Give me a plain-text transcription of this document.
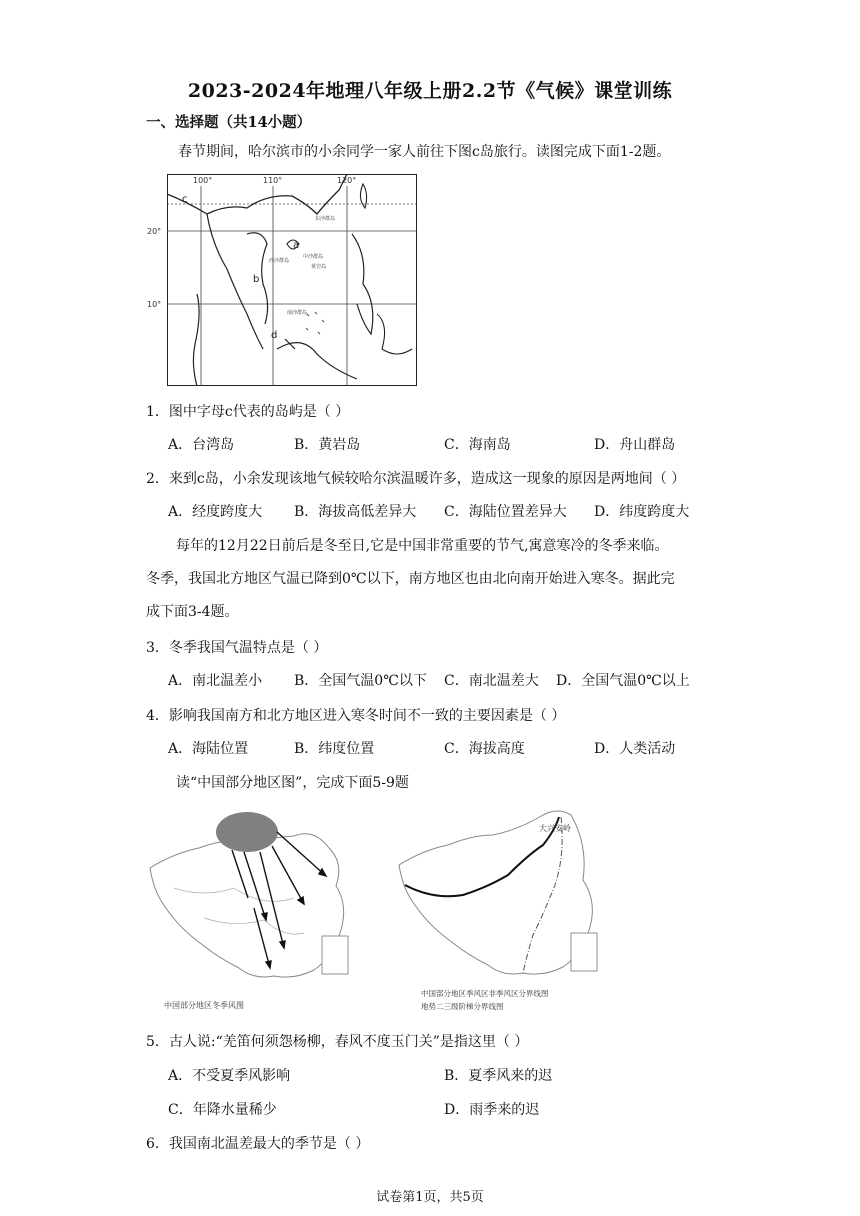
2023-2024年地理八年级上册2.2节《气候》课堂训练
一、选择题（共14小题）
春节期间，哈尔滨市的小余同学一家人前往下图c岛旅行。读图完成下面1-2题。
100°	110°	120°
20°
10°
a
b
c
d
东沙群岛
西沙群岛
中沙群岛
黄岩岛
南沙群岛
1．图中字母c代表的岛屿是（ ）
A．台湾岛	B．黄岩岛	C．海南岛	D．舟山群岛
2．来到c岛，小余发现该地气候较哈尔滨温暖许多，造成这一现象的原因是两地间（ ）
A．经度跨度大 B．海拔高低差异大 C．海陆位置差异大 D．纬度跨度大
每年的12月22日前后是冬至日,它是中国非常重要的节气,寓意寒冷的冬季来临。
冬季，我国北方地区气温已降到0℃以下，南方地区也由北向南开始进入寒冬。据此完
成下面3-4题。
3．冬季我国气温特点是（ ）
A．南北温差小 B．全国气温0℃以下 C．南北温差大 D．全国气温0℃以上
4．影响我国南方和北方地区进入寒冬时间不一致的主要因素是（ ）
A．海陆位置	B．纬度位置	C．海拔高度	D．人类活动
读“中国部分地区图”，完成下面5-9题
中国部分地区冬季风图
大兴安岭
中国部分地区季风区非季风区分界线图
地势二三级阶梯分界线图
5．古人说:“羌笛何须怨杨柳，春风不度玉门关”是指这里（ ）
A．不受夏季风影响	B．夏季风来的迟
C．年降水量稀少	D．雨季来的迟
6．我国南北温差最大的季节是（ ）
试卷第1页，共5页
